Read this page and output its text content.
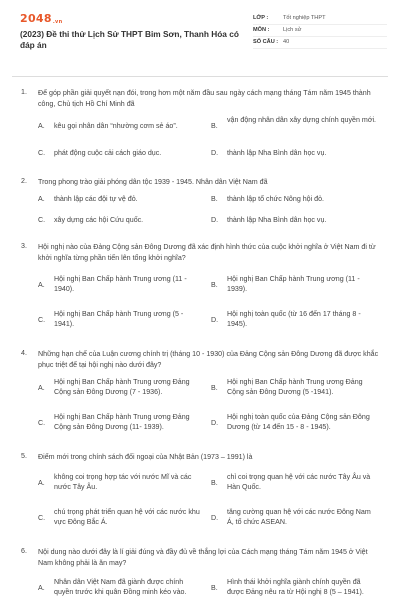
2048.vn
(2023) Đề thi thử Lịch Sử THPT Bỉm Sơn, Thanh Hóa có đáp án
LỚP :	Tốt nghiệp THPT
MÔN : Lịch sử
SỐ CÂU : 40
1. Để góp phần giải quyết nạn đói, trong hơn một năm đầu sau ngày cách mạng tháng Tám năm 1945 thành công, Chủ tịch Hồ Chí Minh đã
A.	kêu gọi nhân dân “nhường cơm sẻ áo”.	B.
vận động nhân dân xây dựng chính quyền mới.
C.	phát động cuộc cải cách giáo dục.	D.	thành lập Nha Bình dân học vụ.
2. Trong phong trào giải phóng dân tộc 1939 - 1945. Nhân dân Việt Nam đã
A.	thành lập các đội tự vệ đỏ.	B.	thành lập tổ chức Nông hội đỏ.
C.	xây dựng các hội Cứu quốc.	D.	thành lập Nha Bình dân học vụ.
3. Hội nghị nào của Đảng Cộng sản Đông Dương đã xác định hình thức của cuộc khởi nghĩa ở Việt Nam đi từ khởi nghĩa từng phần tiến lên tổng khởi nghĩa?
A.
Hội nghị Ban Chấp hành Trung ương (11 - 1940).	B.
Hội nghị Ban Chấp hành Trung ương (11 - 1939).
C.
Hội nghị Ban Chấp hành Trung ương (5 - 1941).	D.
Hội nghị toàn quốc (từ 16 đến 17 tháng 8 - 1945).
4. Những hạn chế của Luận cương chính trị (tháng 10 - 1930) của Đảng Cộng sản Đông Dương đã được khắc phục triệt để tại hội nghị nào dưới đây?
A.
Hội nghị Ban Chấp hành Trung ương Đảng Cộng sản Đông Dương (7 - 1936).	B.
Hội nghị Ban Chấp hành Trung ương Đảng Cộng sản Đông Dương (5 -1941).
C.
Hội nghị Ban Chấp hành Trung ương Đảng Cộng sản Đông Dương (11- 1939).	D.
Hội nghị toàn quốc của Đảng Cộng sản Đông Dương (từ 14 đến 15 - 8 - 1945).
5. Điểm mới trong chính sách đối ngoại của Nhật Bản (1973 – 1991) là
A.
không coi trọng hợp tác với nước Mĩ và các nước Tây Âu.	B.
chỉ coi trọng quan hệ với các nước Tây Âu và Hàn Quốc.
C.
chú trọng phát triển quan hệ với các nước khu vực Đông Bắc Á.	D.
tăng cường quan hệ với các nước Đông Nam Á, tổ chức ASEAN.
6. Nội dung nào dưới đây là lí giải đúng và đầy đủ về thắng lợi của Cách mạng tháng Tám năm 1945 ở Việt Nam không phải là ăn may?
A.
Nhân dân Việt Nam đã giành được chính quyền trước khi quân Đồng minh kéo vào.	B.
Hình thái khởi nghĩa giành chính quyền đã được Đảng nêu ra từ Hội nghị 8 (5 – 1941).
